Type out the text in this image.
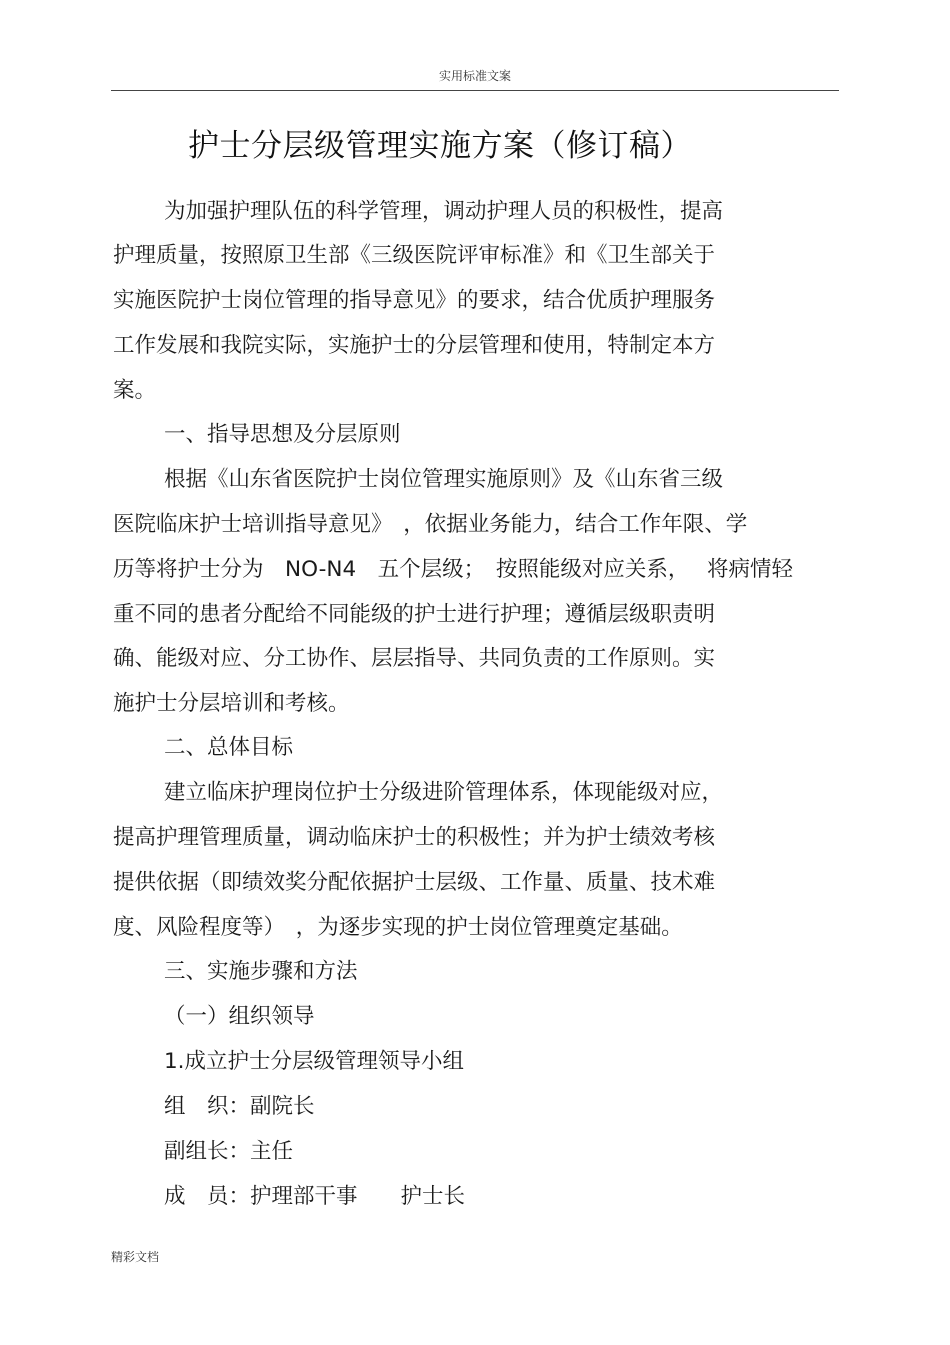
实用标准文案
护士分层级管理实施方案（修订稿）
为加强护理队伍的科学管理，调动护理人员的积极性，提高
护理质量，按照原卫生部《三级医院评审标准》和《卫生部关于
实施医院护士岗位管理的指导意见》的要求，结合优质护理服务
工作发展和我院实际，实施护士的分层管理和使用，特制定本方
案。
一、指导思想及分层原则
根据《山东省医院护士岗位管理实施原则》及《山东省三级
医院临床护士培训指导意见》　，依据业务能力，结合工作年限、学
历等将护士分为　NO-N4　五个层级；　按照能级对应关系，　 将病情轻
重不同的患者分配给不同能级的护士进行护理；遵循层级职责明
确、能级对应、分工协作、层层指导、共同负责的工作原则。实
施护士分层培训和考核。
二、总体目标
建立临床护理岗位护士分级进阶管理体系，体现能级对应，
提高护理管理质量，调动临床护士的积极性；并为护士绩效考核
提供依据（即绩效奖分配依据护士层级、工作量、质量、技术难
度、风险程度等）　，为逐步实现的护士岗位管理奠定基础。
三、实施步骤和方法
（一）组织领导
1.成立护士分层级管理领导小组
组　织：副院长
副组长：主任
成　员：护理部干事　　护士长
精彩文档
